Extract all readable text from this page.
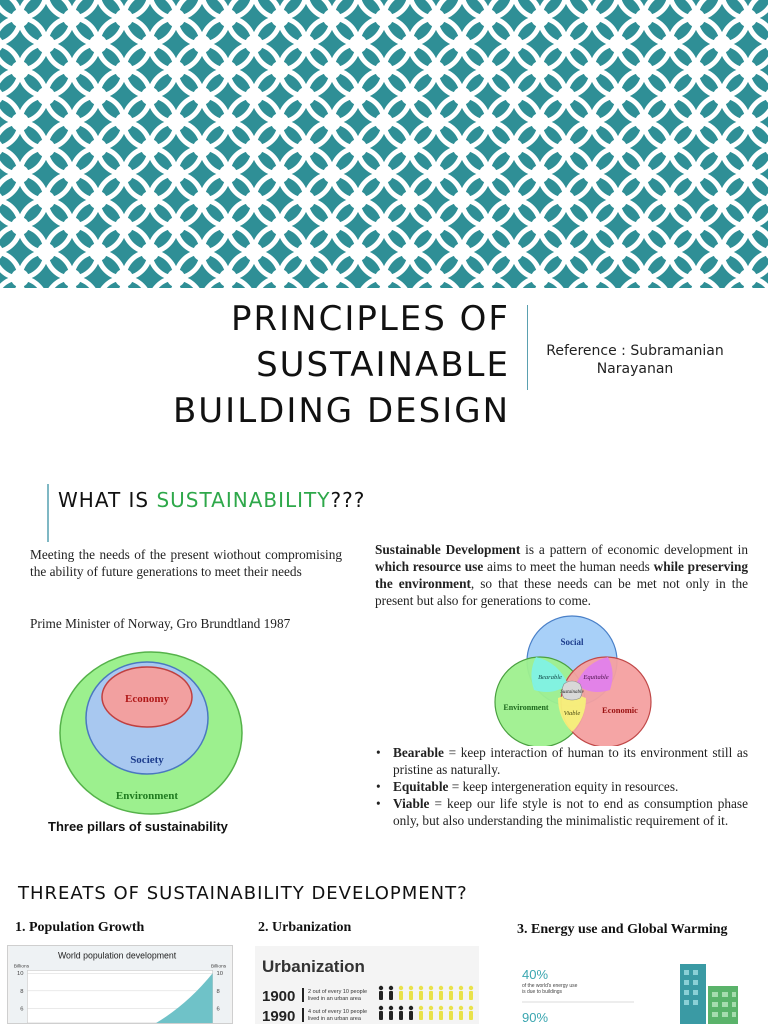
PRINCIPLES OF
SUSTAINABLE
BUILDING DESIGN
Reference : Subramanian
Narayanan
WHAT IS SUSTAINABILITY???
Meeting the needs of the present wiothout compromising the ability of future generations to meet their needs
Prime Minister of Norway, Gro Brundtland 1987
Economy
Society
Environment
Three pillars of sustainability
Sustainable Development is a pattern of economic development in which resource use aims to meet the human needs while preserving the environment, so that these needs can be met not only in the present but also for generations to come.
Social
Environment	Economic
Bearable	Equitable
Viable
Sustainable
• Bearable = keep interaction of human to its environment still as pristine as naturally.
• Equitable = keep intergeneration equity in resources.
• Viable = keep our life style is not to end as consumption phase only, but also understanding the minimalistic requirement of it.
THREATS OF SUSTAINABILITY DEVELOPMENT?
1. Population Growth	2. Urbanization	3. Energy use and Global Warming
World population development
Billions	Billions
10
8
6
10
8
6
Urbanization
1900 2 out of every 10 people
lived in an urban area
1990 4 out of every 10 people
lived in an urban area
40%
of the world's energy use
is due to buildings
90%
